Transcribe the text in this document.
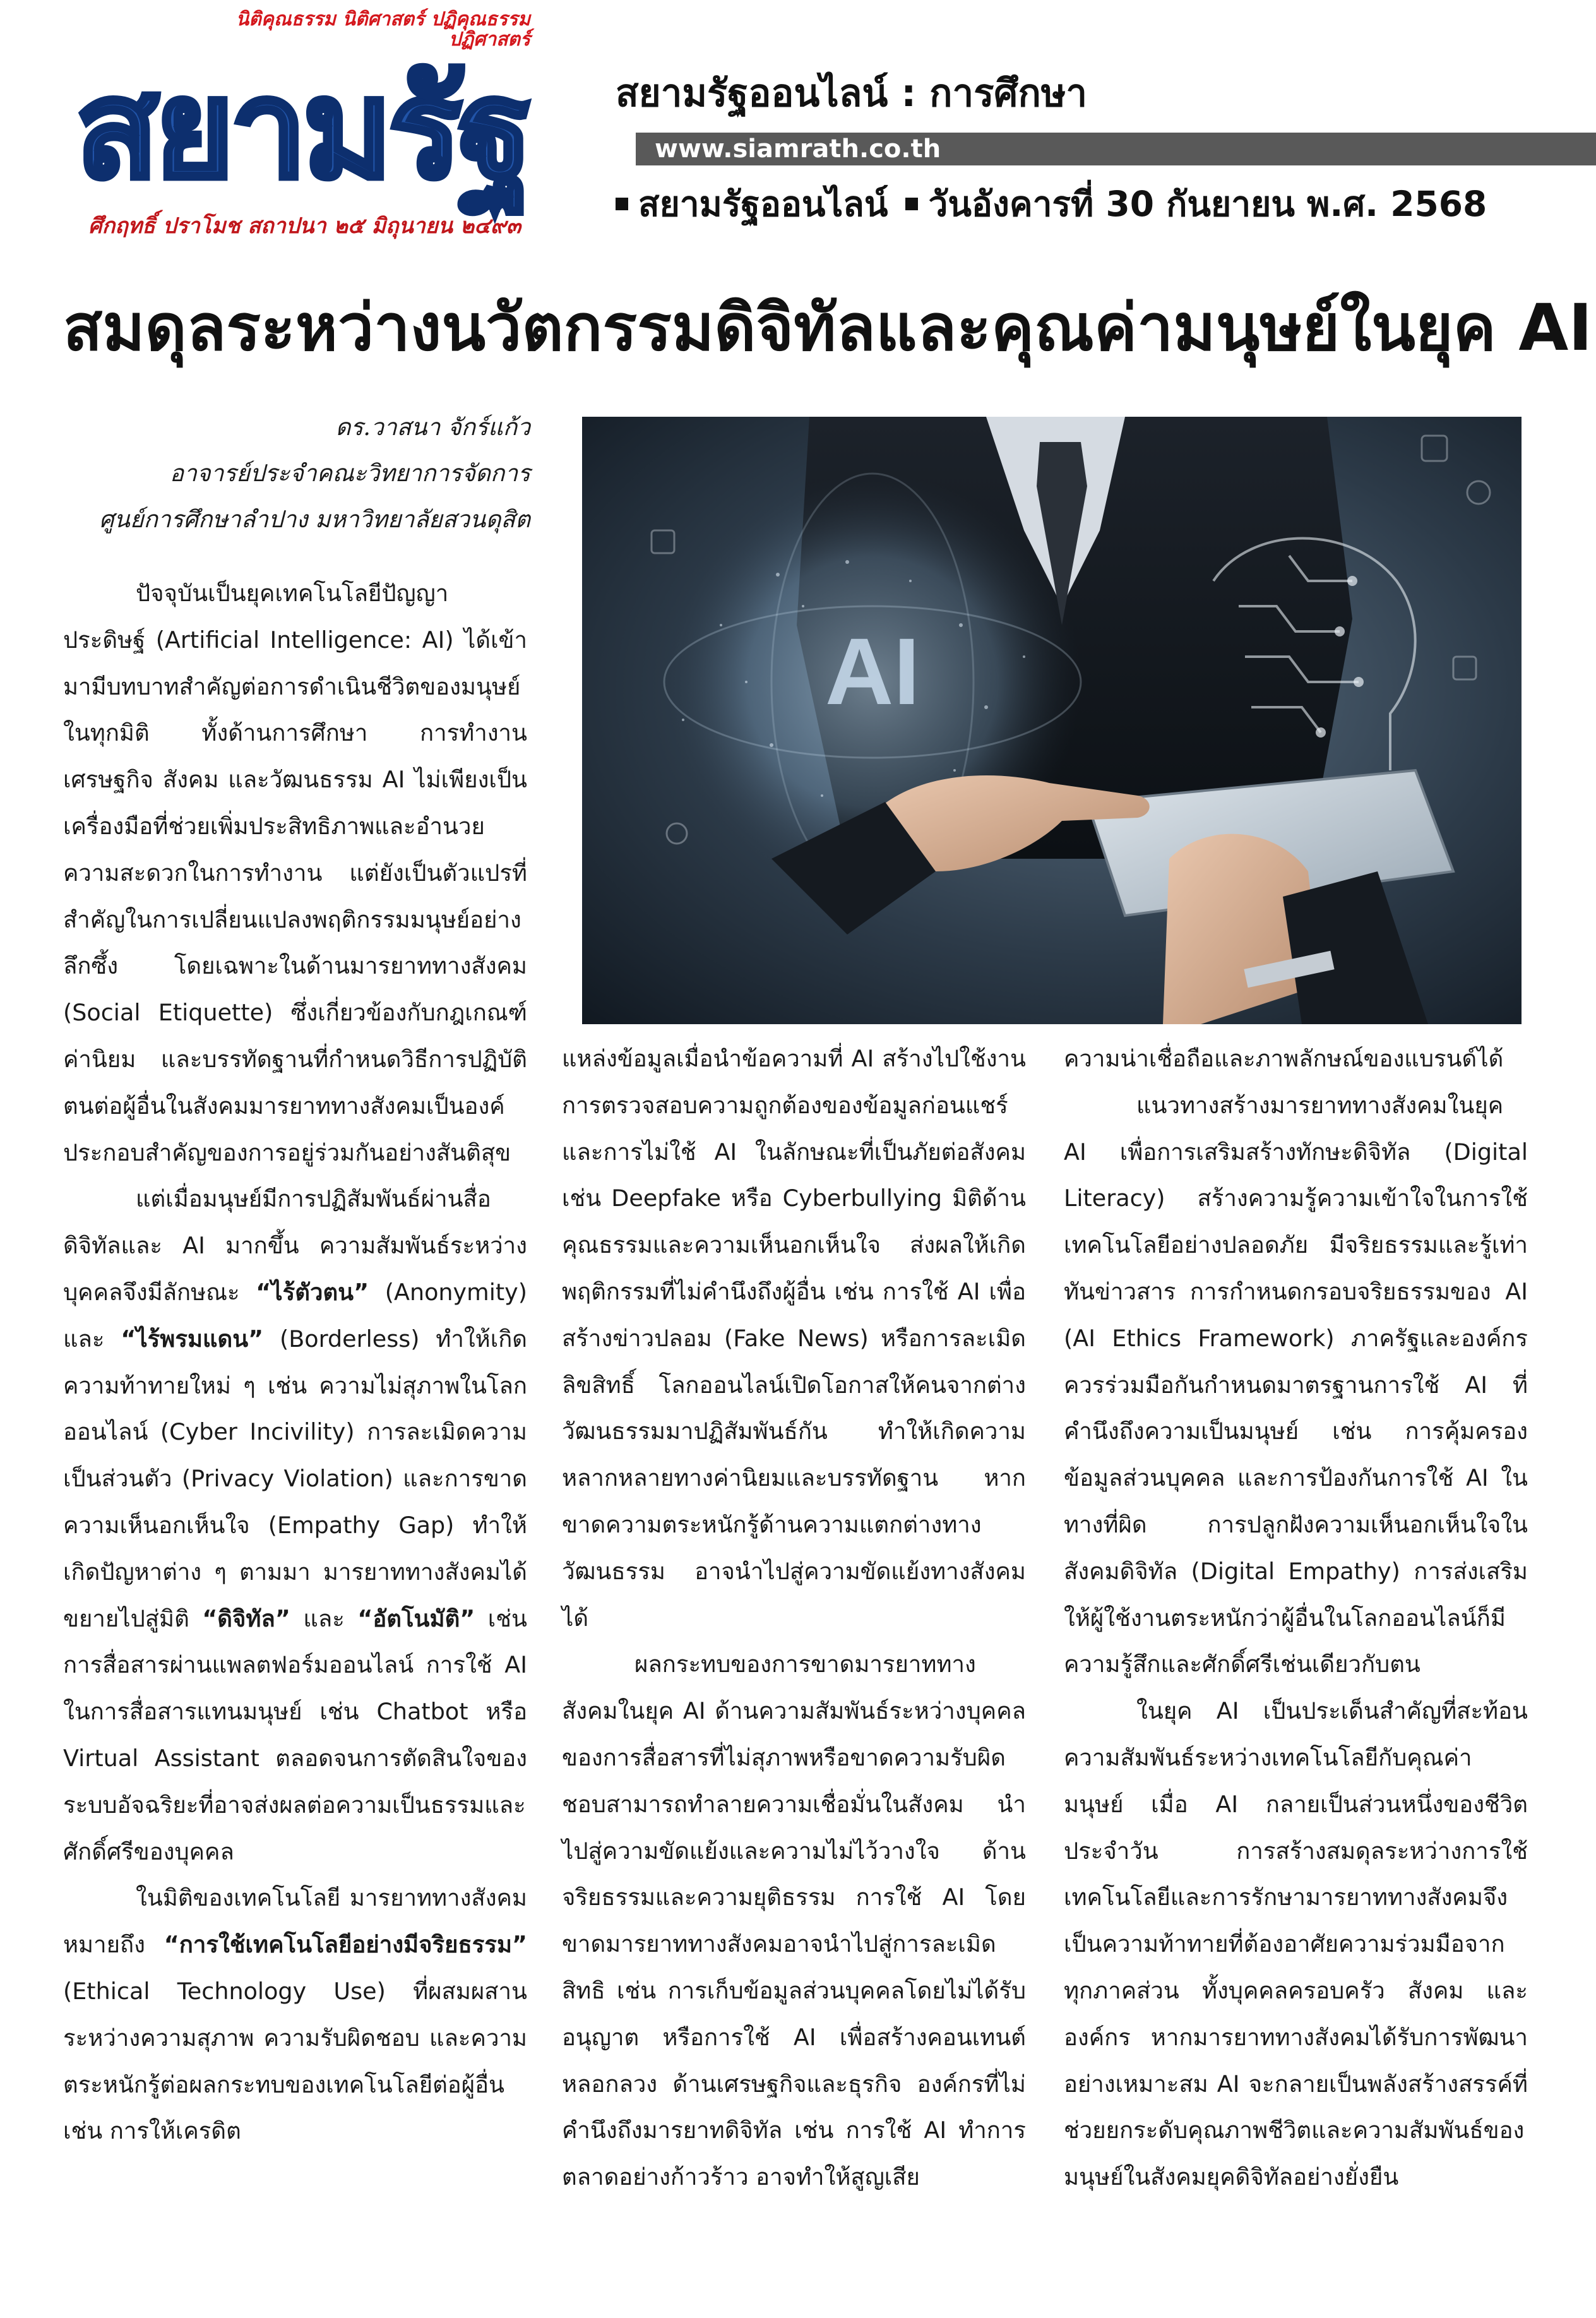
นิติคุณธรรม นิติศาสตร์ ปฏิคุณธรรม ปฏิศาสตร์
สยามรัฐ
ศึกฤทธิ์ ปราโมช สถาปนา ๒๕ มิถุนายน ๒๔๙๓
สยามรัฐออนไลน์ : การศึกษา
www.siamrath.co.th
สยามรัฐออนไลน์ วันอังคารที่ 30 กันยายน พ.ศ. 2568
สมดุลระหว่างนวัตกรรมดิจิทัลและคุณค่ามนุษย์ในยุค AI
ดร.วาสนา จักร์แก้ว
อาจารย์ประจำคณะวิทยาการจัดการ
ศูนย์การศึกษาลำปาง มหาวิทยาลัยสวนดุสิต
AI

ปัจจุบันเป็นยุคเทคโนโลยีปัญญาประดิษฐ์ (Artificial Intelligence: AI) ได้เข้ามามีบทบาทสำคัญต่อการดำเนินชีวิตของมนุษย์ในทุกมิติ ทั้งด้านการศึกษา การทำงาน เศรษฐกิจ สังคม และวัฒนธรรม AI ไม่เพียงเป็นเครื่องมือที่ช่วยเพิ่มประสิทธิภาพและอำนวยความสะดวกในการทำงาน แต่ยังเป็นตัวแปรที่สำคัญในการเปลี่ยนแปลงพฤติกรรมมนุษย์อย่างลึกซึ้ง โดยเฉพาะในด้านมารยาททางสังคม (Social Etiquette) ซึ่งเกี่ยวข้องกับกฎเกณฑ์ ค่านิยม และบรรทัดฐานที่กำหนดวิธีการปฏิบัติตนต่อผู้อื่นในสังคมมารยาททางสังคมเป็นองค์ประกอบสำคัญของการอยู่ร่วมกันอย่างสันติสุข

แต่เมื่อมนุษย์มีการปฏิสัมพันธ์ผ่านสื่อดิจิทัลและ AI มากขึ้น ความสัมพันธ์ระหว่างบุคคลจึงมีลักษณะ “ไร้ตัวตน” (Anonymity) และ “ไร้พรมแดน” (Borderless) ทำให้เกิดความท้าทายใหม่ ๆ เช่น ความไม่สุภาพในโลกออนไลน์ (Cyber Incivility) การละเมิดความเป็นส่วนตัว (Privacy Violation) และการขาดความเห็นอกเห็นใจ (Empathy Gap) ทำให้เกิดปัญหาต่าง ๆ ตามมา มารยาททางสังคมได้ขยายไปสู่มิติ “ดิจิทัล” และ “อัตโนมัติ” เช่น การสื่อสารผ่านแพลตฟอร์มออนไลน์ การใช้ AI ในการสื่อสารแทนมนุษย์ เช่น Chatbot หรือ Virtual Assistant ตลอดจนการตัดสินใจของระบบอัจฉริยะที่อาจส่งผลต่อความเป็นธรรมและศักดิ์ศรีของบุคคล

ในมิติของเทคโนโลยี มารยาททางสังคม หมายถึง “การใช้เทคโนโลยีอย่างมีจริยธรรม” (Ethical Technology Use) ที่ผสมผสานระหว่างความสุภาพ ความรับผิดชอบ และความตระหนักรู้ต่อผลกระทบของเทคโนโลยีต่อผู้อื่น เช่น การให้เครดิต

แหล่งข้อมูลเมื่อนำข้อความที่ AI สร้างไปใช้งาน การตรวจสอบความถูกต้องของข้อมูลก่อนแชร์ และการไม่ใช้ AI ในลักษณะที่เป็นภัยต่อสังคม เช่น Deepfake หรือ Cyberbullying มิติด้านคุณธรรมและความเห็นอกเห็นใจ ส่งผลให้เกิดพฤติกรรมที่ไม่คำนึงถึงผู้อื่น เช่น การใช้ AI เพื่อสร้างข่าวปลอม (Fake News) หรือการละเมิดลิขสิทธิ์ โลกออนไลน์เปิดโอกาสให้คนจากต่างวัฒนธรรมมาปฏิสัมพันธ์กัน ทำให้เกิดความหลากหลายทางค่านิยมและบรรทัดฐาน หากขาดความตระหนักรู้ด้านความแตกต่างทางวัฒนธรรม อาจนำไปสู่ความขัดแย้งทางสังคมได้

ผลกระทบของการขาดมารยาททางสังคมในยุค AI ด้านความสัมพันธ์ระหว่างบุคคลของการสื่อสารที่ไม่สุภาพหรือขาดความรับผิดชอบสามารถทำลายความเชื่อมั่นในสังคม นำไปสู่ความขัดแย้งและความไม่ไว้วางใจ ด้านจริยธรรมและความยุติธรรม การใช้ AI โดยขาดมารยาททางสังคมอาจนำไปสู่การละเมิดสิทธิ เช่น การเก็บข้อมูลส่วนบุคคลโดยไม่ได้รับอนุญาต หรือการใช้ AI เพื่อสร้างคอนเทนต์หลอกลวง ด้านเศรษฐกิจและธุรกิจ องค์กรที่ไม่คำนึงถึงมารยาทดิจิทัล เช่น การใช้ AI ทำการตลาดอย่างก้าวร้าว อาจทำให้สูญเสีย

ความน่าเชื่อถือและภาพลักษณ์ของแบรนด์ได้

แนวทางสร้างมารยาททางสังคมในยุค AI เพื่อการเสริมสร้างทักษะดิจิทัล (Digital Literacy) สร้างความรู้ความเข้าใจในการใช้เทคโนโลยีอย่างปลอดภัย มีจริยธรรมและรู้เท่าทันข่าวสาร การกำหนดกรอบจริยธรรมของ AI (AI Ethics Framework) ภาครัฐและองค์กรควรร่วมมือกันกำหนดมาตรฐานการใช้ AI ที่คำนึงถึงความเป็นมนุษย์ เช่น การคุ้มครองข้อมูลส่วนบุคคล และการป้องกันการใช้ AI ในทางที่ผิด การปลูกฝังความเห็นอกเห็นใจในสังคมดิจิทัล (Digital Empathy) การส่งเสริมให้ผู้ใช้งานตระหนักว่าผู้อื่นในโลกออนไลน์ก็มีความรู้สึกและศักดิ์ศรีเช่นเดียวกับตน

ในยุค AI เป็นประเด็นสำคัญที่สะท้อนความสัมพันธ์ระหว่างเทคโนโลยีกับคุณค่ามนุษย์ เมื่อ AI กลายเป็นส่วนหนึ่งของชีวิตประจำวัน การสร้างสมดุลระหว่างการใช้เทคโนโลยีและการรักษามารยาททางสังคมจึงเป็นความท้าทายที่ต้องอาศัยความร่วมมือจากทุกภาคส่วน ทั้งบุคคลครอบครัว สังคม และองค์กร หากมารยาททางสังคมได้รับการพัฒนาอย่างเหมาะสม AI จะกลายเป็นพลังสร้างสรรค์ที่ช่วยยกระดับคุณภาพชีวิตและความสัมพันธ์ของมนุษย์ในสังคมยุคดิจิทัลอย่างยั่งยืน
